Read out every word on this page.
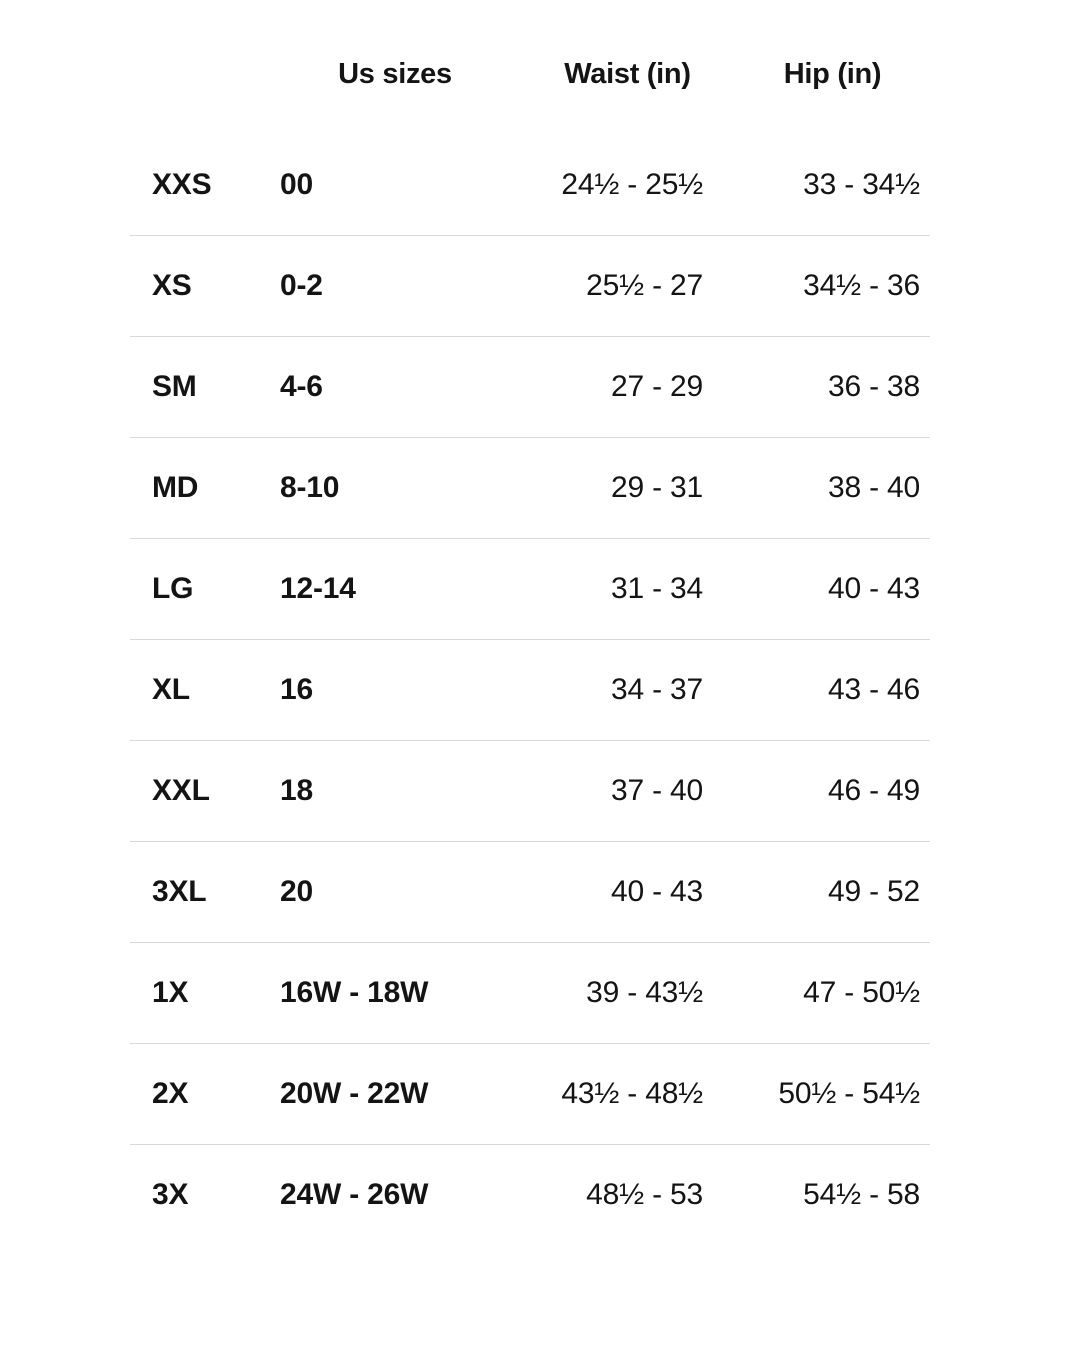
	Us sizes	Waist (in)	Hip (in)
XXS	00	24½ - 25½	33 - 34½
XS	0-2	25½ - 27	34½ - 36
SM	4-6	27 - 29	36 - 38
MD	8-10	29 - 31	38 - 40
LG	12-14	31 - 34	40 - 43
XL	16	34 - 37	43 - 46
XXL	18	37 - 40	46 - 49
3XL	20	40 - 43	49 - 52
1X	16W - 18W	39 - 43½	47 - 50½
2X	20W - 22W	43½ - 48½	50½ - 54½
3X	24W - 26W	48½ - 53	54½ - 58
